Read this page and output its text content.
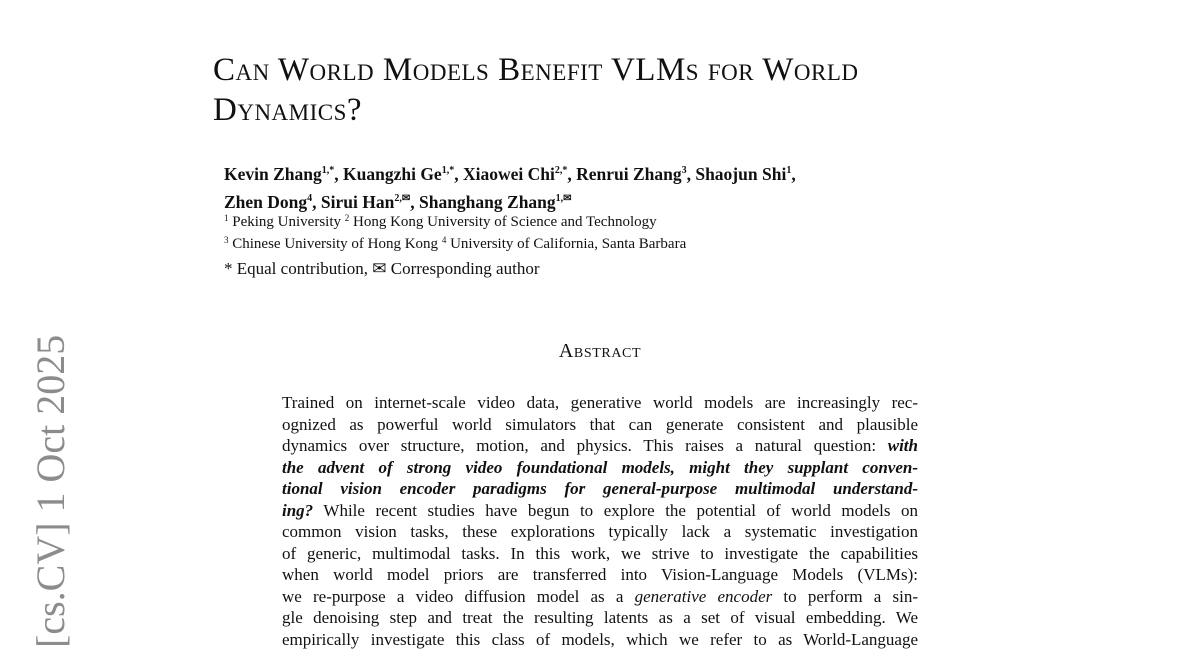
[cs.CV] 1 Oct 2025
Can World Models Benefit VLMs for World
Dynamics?
Kevin Zhang$^{1,*}$, Kuangzhi $Ge^{1,*}$, Xiaowei Chi$^{2,*}$, Renrui Zhang$^3$, Shaojun Shi$^1$,
Zhen Dong$^4$, Sirui Han$^{2,✉}$, Shanghang Zhang$^{1,✉}$
$^1$ Peking University $^2$ Hong Kong University of Science and Technology
$^3$ Chinese University of Hong Kong $^4$ University of California, Santa Barbara
* Equal contribution, ✉ Corresponding author
Abstract
Trained on internet-scale video data, generative world models are increasingly rec-
ognized as powerful world simulators that can generate consistent and plausible
dynamics over structure, motion, and physics. This raises a natural question: with
the advent of strong video foundational models, might they supplant conven-
tional vision encoder paradigms for general-purpose multimodal understand-
ing? While recent studies have begun to explore the potential of world models on
common vision tasks, these explorations typically lack a systematic investigation
of generic, multimodal tasks. In this work, we strive to investigate the capabilities
when world model priors are transferred into Vision-Language Models (VLMs):
we re-purpose a video diffusion model as a generative encoder to perform a sin-
gle denoising step and treat the resulting latents as a set of visual embedding. We
empirically investigate this class of models, which we refer to as World-Language
